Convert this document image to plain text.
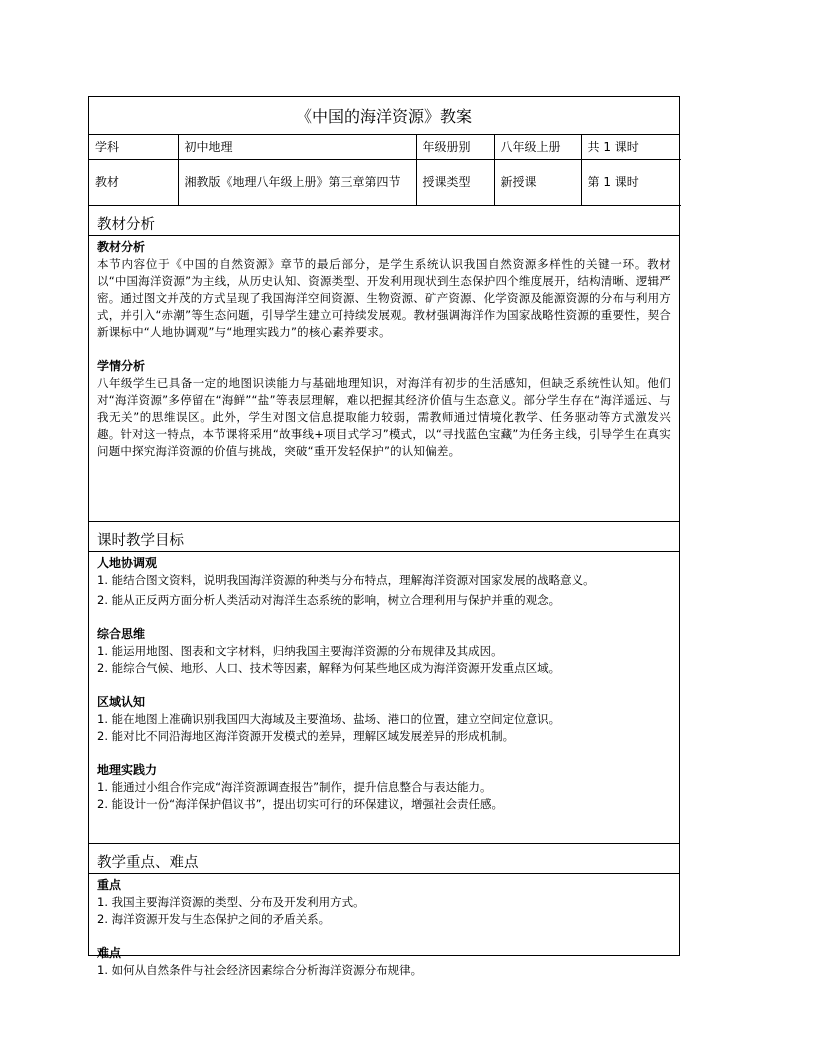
《中国的海洋资源》教案
学科	初中地理	年级册别	八年级上册	共 1 课时
教材	湘教版《地理八年级上册》第三章第四节	授课类型	新授课	第 1 课时
教材分析
教材分析
本节内容位于《中国的自然资源》章节的最后部分，是学生系统认识我国自然资源多样性的关键一环。教材以“中国海洋资源”为主线，从历史认知、资源类型、开发利用现状到生态保护四个维度展开，结构清晰、逻辑严密。通过图文并茂的方式呈现了我国海洋空间资源、生物资源、矿产资源、化学资源及能源资源的分布与利用方式，并引入“赤潮”等生态问题，引导学生建立可持续发展观。教材强调海洋作为国家战略性资源的重要性，契合新课标中“人地协调观”与“地理实践力”的核心素养要求。
学情分析
八年级学生已具备一定的地图识读能力与基础地理知识，对海洋有初步的生活感知，但缺乏系统性认知。他们对“海洋资源”多停留在“海鲜”“盐”等表层理解，难以把握其经济价值与生态意义。部分学生存在“海洋遥远、与我无关”的思维误区。此外，学生对图文信息提取能力较弱，需教师通过情境化教学、任务驱动等方式激发兴趣。针对这一特点，本节课将采用“故事线+项目式学习”模式，以“寻找蓝色宝藏”为任务主线，引导学生在真实问题中探究海洋资源的价值与挑战，突破“重开发轻保护”的认知偏差。
课时教学目标
人地协调观
1. 能结合图文资料，说明我国海洋资源的种类与分布特点，理解海洋资源对国家发展的战略意义。
2. 能从正反两方面分析人类活动对海洋生态系统的影响，树立合理利用与保护并重的观念。
综合思维
1. 能运用地图、图表和文字材料，归纳我国主要海洋资源的分布规律及其成因。
2. 能综合气候、地形、人口、技术等因素，解释为何某些地区成为海洋资源开发重点区域。
区域认知
1. 能在地图上准确识别我国四大海域及主要渔场、盐场、港口的位置，建立空间定位意识。
2. 能对比不同沿海地区海洋资源开发模式的差异，理解区域发展差异的形成机制。
地理实践力
1. 能通过小组合作完成“海洋资源调查报告”制作，提升信息整合与表达能力。
2. 能设计一份“海洋保护倡议书”，提出切实可行的环保建议，增强社会责任感。
教学重点、难点
重点
1. 我国主要海洋资源的类型、分布及开发利用方式。
2. 海洋资源开发与生态保护之间的矛盾关系。
难点
1. 如何从自然条件与社会经济因素综合分析海洋资源分布规律。
